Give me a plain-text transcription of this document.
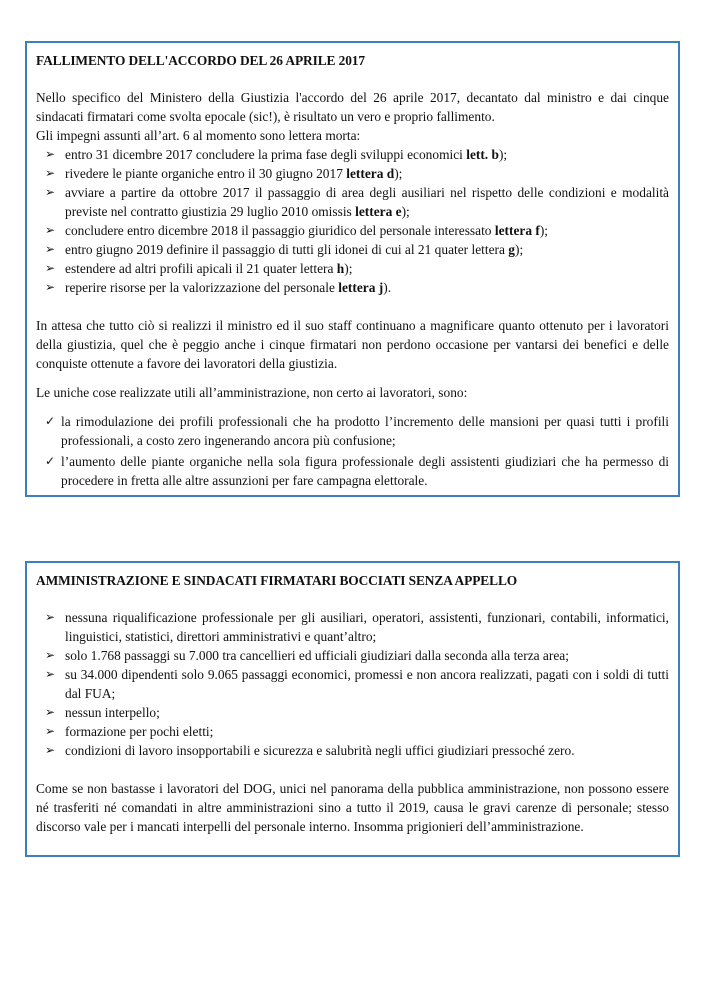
FALLIMENTO DELL'ACCORDO DEL 26 APRILE 2017

Nello specifico del Ministero della Giustizia l'accordo del 26 aprile 2017, decantato dal ministro e dai cinque sindacati firmatari come svolta epocale (sic!), è risultato un vero e proprio fallimento.

Gli impegni assunti all’art. 6 al momento sono lettera morta:

➢ entro 31 dicembre 2017 concludere la prima fase degli sviluppi economici lett. b);
➢ rivedere le piante organiche entro il 30 giugno 2017 lettera d);
➢ avviare a partire da ottobre 2017 il passaggio di area degli ausiliari nel rispetto delle condizioni e modalità previste nel contratto giustizia 29 luglio 2010 omissis lettera e);
➢ concludere entro dicembre 2018 il passaggio giuridico del personale interessato lettera f);
➢ entro giugno 2019 definire il passaggio di tutti gli idonei di cui al 21 quater lettera g);
➢ estendere ad altri profili apicali il 21 quater lettera h);
➢ reperire risorse per la valorizzazione del personale lettera j).

In attesa che tutto ciò si realizzi il ministro ed il suo staff continuano a magnificare quanto ottenuto per i lavoratori della giustizia, quel che è peggio anche i cinque firmatari non perdono occasione per vantarsi dei benefici e delle conquiste ottenute a favore dei lavoratori della giustizia.

Le uniche cose realizzate utili all’amministrazione, non certo ai lavoratori, sono:

✓ la rimodulazione dei profili professionali che ha prodotto l’incremento delle mansioni per quasi tutti i profili professionali, a costo zero ingenerando ancora più confusione;
✓ l’aumento delle piante organiche nella sola figura professionale degli assistenti giudiziari che ha permesso di procedere in fretta alle altre assunzioni per fare campagna elettorale.
AMMINISTRAZIONE E SINDACATI FIRMATARI BOCCIATI SENZA APPELLO
➢ nessuna riqualificazione professionale per gli ausiliari, operatori, assistenti, funzionari, contabili, informatici, linguistici, statistici, direttori amministrativi e quant’altro;
➢ solo 1.768 passaggi su 7.000 tra cancellieri ed ufficiali giudiziari dalla seconda alla terza area;
➢ su 34.000 dipendenti solo 9.065 passaggi economici, promessi e non ancora realizzati, pagati con i soldi di tutti dal FUA;
➢ nessun interpello;
➢ formazione per pochi eletti;
➢ condizioni di lavoro insopportabili e sicurezza e salubrità negli uffici giudiziari pressoché zero.

Come se non bastasse i lavoratori del DOG, unici nel panorama della pubblica amministrazione, non possono essere né trasferiti né comandati in altre amministrazioni sino a tutto il 2019, causa le gravi carenze di personale; stesso discorso vale per i mancati interpelli del personale interno. Insomma prigionieri dell’amministrazione.
